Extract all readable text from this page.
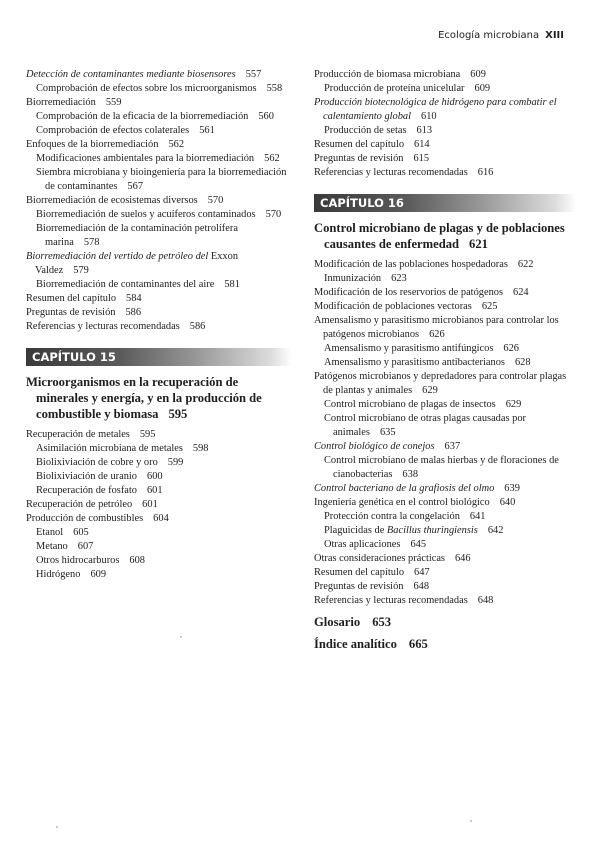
Ecología microbiana XIII
Detección de contaminantes mediante biosensores 557
Comprobación de efectos sobre los microorganismos 558
Biorremediación 559
Comprobación de la eficacia de la biorremediación 560
Comprobación de efectos colaterales 561
Enfoques de la biorremediación 562
Modificaciones ambientales para la biorremediación 562
Siembra microbiana y bioingeniería para la biorremediación de contaminantes 567
Biorremediación de ecosistemas diversos 570
Biorremediación de suelos y acuíferos contaminados 570
Biorremediación de la contaminación petrolífera marina 578
Biorremediación del vertido de petróleo del Exxon Valdez 579
Biorremediación de contaminantes del aire 581
Resumen del capítulo 584
Preguntas de revisión 586
Referencias y lecturas recomendadas 586
CAPÍTULO 15
Microorganismos en la recuperación de minerales y energía, y en la producción de combustible y biomasa 595
Recuperación de metales 595
Asimilación microbiana de metales 598
Biolixiviación de cobre y oro 599
Biolixiviación de uranio 600
Recuperación de fosfato 601
Recuperación de petróleo 601
Producción de combustibles 604
Etanol 605
Metano 607
Otros hidrocarburos 608
Hidrógeno 609
Producción de biomasa microbiana 609
Producción de proteína unicelular 609
Producción biotecnológica de hidrógeno para combatir el calentamiento global 610
Producción de setas 613
Resumen del capítulo 614
Preguntas de revisión 615
Referencias y lecturas recomendadas 616
CAPÍTULO 16
Control microbiano de plagas y de poblaciones causantes de enfermedad 621
Modificación de las poblaciones hospedadoras 622
Inmunización 623
Modificación de los reservorios de patógenos 624
Modificación de poblaciones vectoras 625
Amensalismo y parasitismo microbianos para controlar los patógenos microbianos 626
Amensalismo y parasitismo antifúngicos 626
Amensalismo y parasitismo antibacterianos 628
Patógenos microbianos y depredadores para controlar plagas de plantas y animales 629
Control microbiano de plagas de insectos 629
Control microbiano de otras plagas causadas por animales 635
Control biológico de conejos 637
Control microbiano de malas hierbas y de floraciones de cianobacterias 638
Control bacteriano de la grafiosis del olmo 639
Ingeniería genética en el control biológico 640
Protección contra la congelación 641
Plaguicidas de Bacillus thuringiensis 642
Otras aplicaciones 645
Otras consideraciones prácticas 646
Resumen del capítulo 647
Preguntas de revisión 648
Referencias y lecturas recomendadas 648
Glosario 653
Índice analítico 665
